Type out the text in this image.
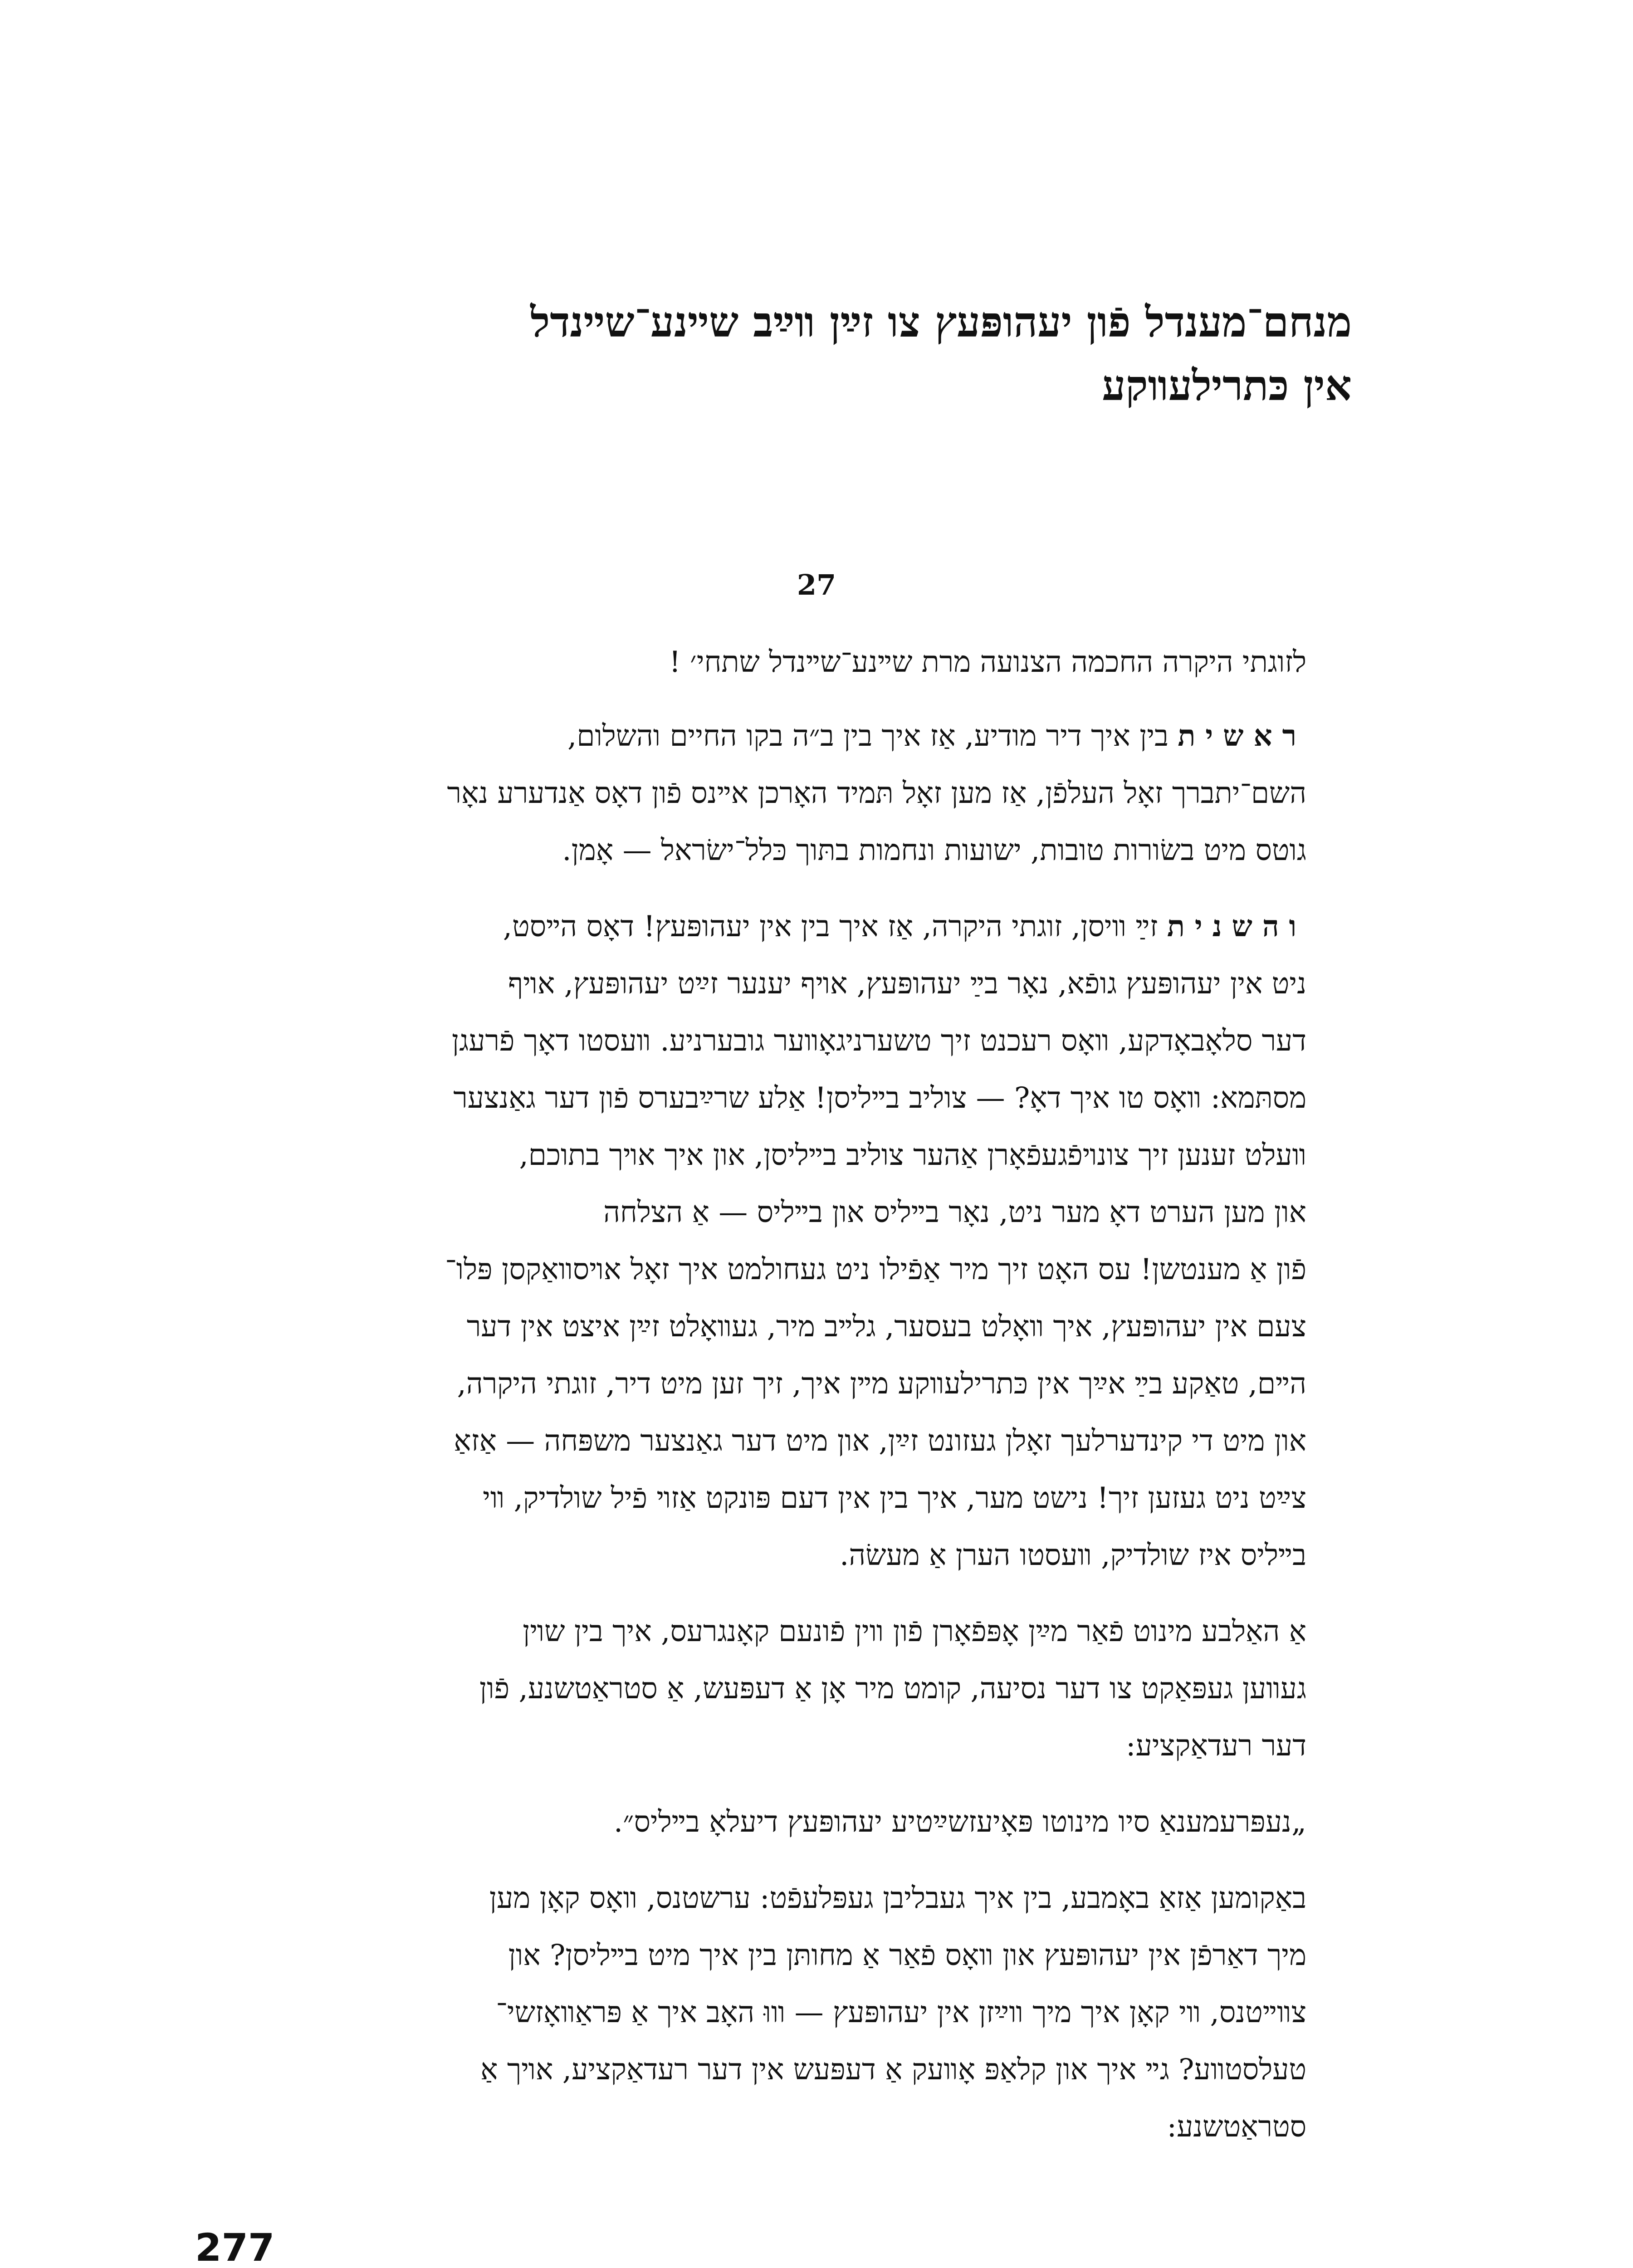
מנחם־מענדל פֿון יעהופּעץ צו זײַן װײַב שײנע־שײנדל
אין כּתרילעװקע
27
לזוגתי היקרה החכמה הצנועה מרת שײנע־שײנדל שתחי׳ !
ראשית בין איך דיר מודיע, אַז איך בין ב״ה בקו החיים והשלום,
השם־יתברך זאָל העלפֿן, אַז מען זאָל תּמיד האָרכן אײנס פֿון דאָס אַנדערע נאָר
גוטס מיט בשׂורות טובות, ישועות ונחמות בתּוך כּלל־ישׂראל — אָמן.
והשנית זײַ װיסן, זוגתי היקרה, אַז איך בין אין יעהופּעץ! דאָס הײסט,
ניט אין יעהופּעץ גופֿא, נאָר בײַ יעהופּעץ, אױף יענער זײַט יעהופּעץ, אױף
דער סלאָבאָדקע, װאָס רעכנט זיך טשערניגאָװער גובערניע. װעסטו דאָך פֿרעגן
מסתּמא: װאָס טו איך דאָ? — צוליב בײליסן! אַלע שרײַבערס פֿון דער גאַנצער
װעלט זענען זיך צונױפֿגעפֿאָרן אַהער צוליב בײליסן, און איך אױך בתוכם,
און מען הערט דאָ מער ניט, נאָר בײליס און בײליס — אַ הצלחה
פֿון אַ מענטשן! עס האָט זיך מיר אַפֿילו ניט געחולמט איך זאָל אױסװאַקסן פּלו־
צעם אין יעהופּעץ, איך װאָלט בעסער, גלײב מיר, געװאָלט זײַן איצט אין דער
הײם, טאַקע בײַ אײַך אין כּתרילעװקע מײן איך, זיך זען מיט דיר, זוגתי היקרה,
און מיט די קינדערלעך זאָלן געזונט זײַן, און מיט דער גאַנצער משפּחה — אַזאַ
צײַט ניט געזען זיך! נישט מער, איך בין אין דעם פּונקט אַזױ פֿיל שולדיק, װי
בײליס איז שולדיק, װעסטו הערן אַ מעשׂה.
אַ האַלבע מינוט פֿאַר מײַן אָפּפֿאָרן פֿון װין פֿונעם קאָנגרעס, איך בין שױן
געװען געפּאַקט צו דער נסיעה, קומט מיר אָן אַ דעפּעש, אַ סטראַטשנע, פֿון
דער רעדאַקציע:
„נעפּרעמענאַ סיו מינוטו פּאָיעזשײַטיע יעהופּעץ דיעלאָ בײליס״.
באַקומען אַזאַ באָמבע, בין איך געבליבן געפּלעפֿט: ערשטנס, װאָס קאָן מען
מיך דאַרפֿן אין יעהופּעץ און װאָס פֿאַר אַ מחותּן בין איך מיט בײליסן? און
צװײטנס, װי קאָן איך מיך װײַזן אין יעהופּעץ — װוּ האָב איך אַ פּראַװאָזשי־
טעלסטװע? גײ איך און קלאַפּ אָװעק אַ דעפּעש אין דער רעדאַקציע, אױך אַ
סטראַטשנע:
277
